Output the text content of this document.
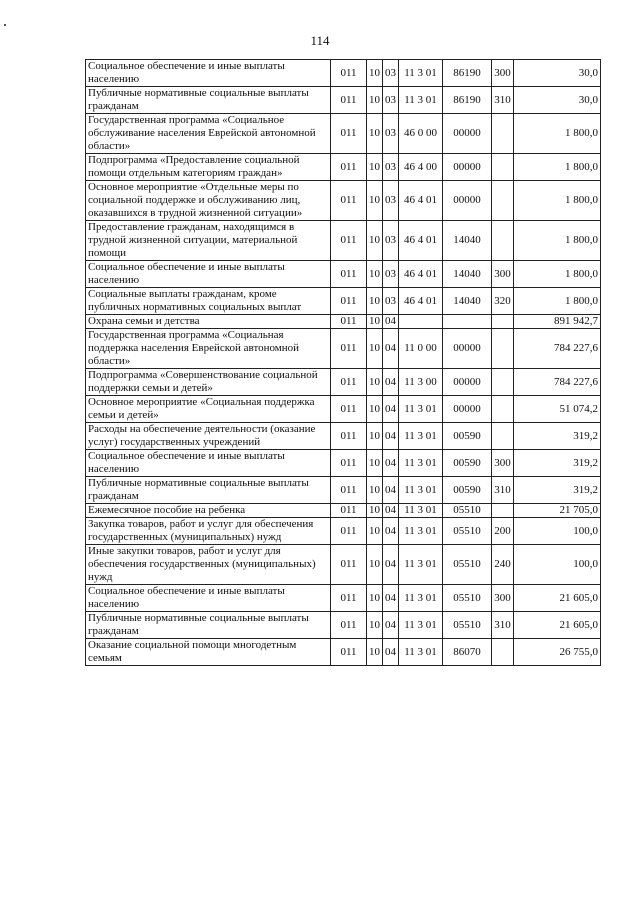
114
Социальное обеспечение и иные выплаты населению	011	10	03	11 3 01	86190	300	30,0
Публичные нормативные социальные выплаты гражданам	011	10	03	11 3 01	86190	310	30,0
Государственная программа «Социальное обслуживание населения Еврейской автономной области»	011	10	03	46 0 00	00000		1 800,0
Подпрограмма «Предоставление социальной помощи отдельным категориям граждан»	011	10	03	46 4 00	00000		1 800,0
Основное мероприятие «Отдельные меры по социальной поддержке и обслуживанию лиц, оказавшихся в трудной жизненной ситуации»	011	10	03	46 4 01	00000		1 800,0
Предоставление гражданам, находящимся в трудной жизненной ситуации, материальной помощи	011	10	03	46 4 01	14040		1 800,0
Социальное обеспечение и иные выплаты населению	011	10	03	46 4 01	14040	300	1 800,0
Социальные выплаты гражданам, кроме публичных нормативных социальных выплат	011	10	03	46 4 01	14040	320	1 800,0
Охрана семьи и детства	011	10	04				891 942,7
Государственная программа «Социальная поддержка населения Еврейской автономной области»	011	10	04	11 0 00	00000		784 227,6
Подпрограмма «Совершенствование социальной поддержки семьи и детей»	011	10	04	11 3 00	00000		784 227,6
Основное мероприятие «Социальная поддержка семьи и детей»	011	10	04	11 3 01	00000		51 074,2
Расходы на обеспечение деятельности (оказание услуг) государственных учреждений	011	10	04	11 3 01	00590		319,2
Социальное обеспечение и иные выплаты населению	011	10	04	11 3 01	00590	300	319,2
Публичные нормативные социальные выплаты гражданам	011	10	04	11 3 01	00590	310	319,2
Ежемесячное пособие на ребенка	011	10	04	11 3 01	05510		21 705,0
Закупка товаров, работ и услуг для обеспечения государственных (муниципальных) нужд	011	10	04	11 3 01	05510	200	100,0
Иные закупки товаров, работ и услуг для обеспечения государственных (муниципальных) нужд	011	10	04	11 3 01	05510	240	100,0
Социальное обеспечение и иные выплаты населению	011	10	04	11 3 01	05510	300	21 605,0
Публичные нормативные социальные выплаты гражданам	011	10	04	11 3 01	05510	310	21 605,0
Оказание социальной помощи многодетным семьям	011	10	04	11 3 01	86070		26 755,0
